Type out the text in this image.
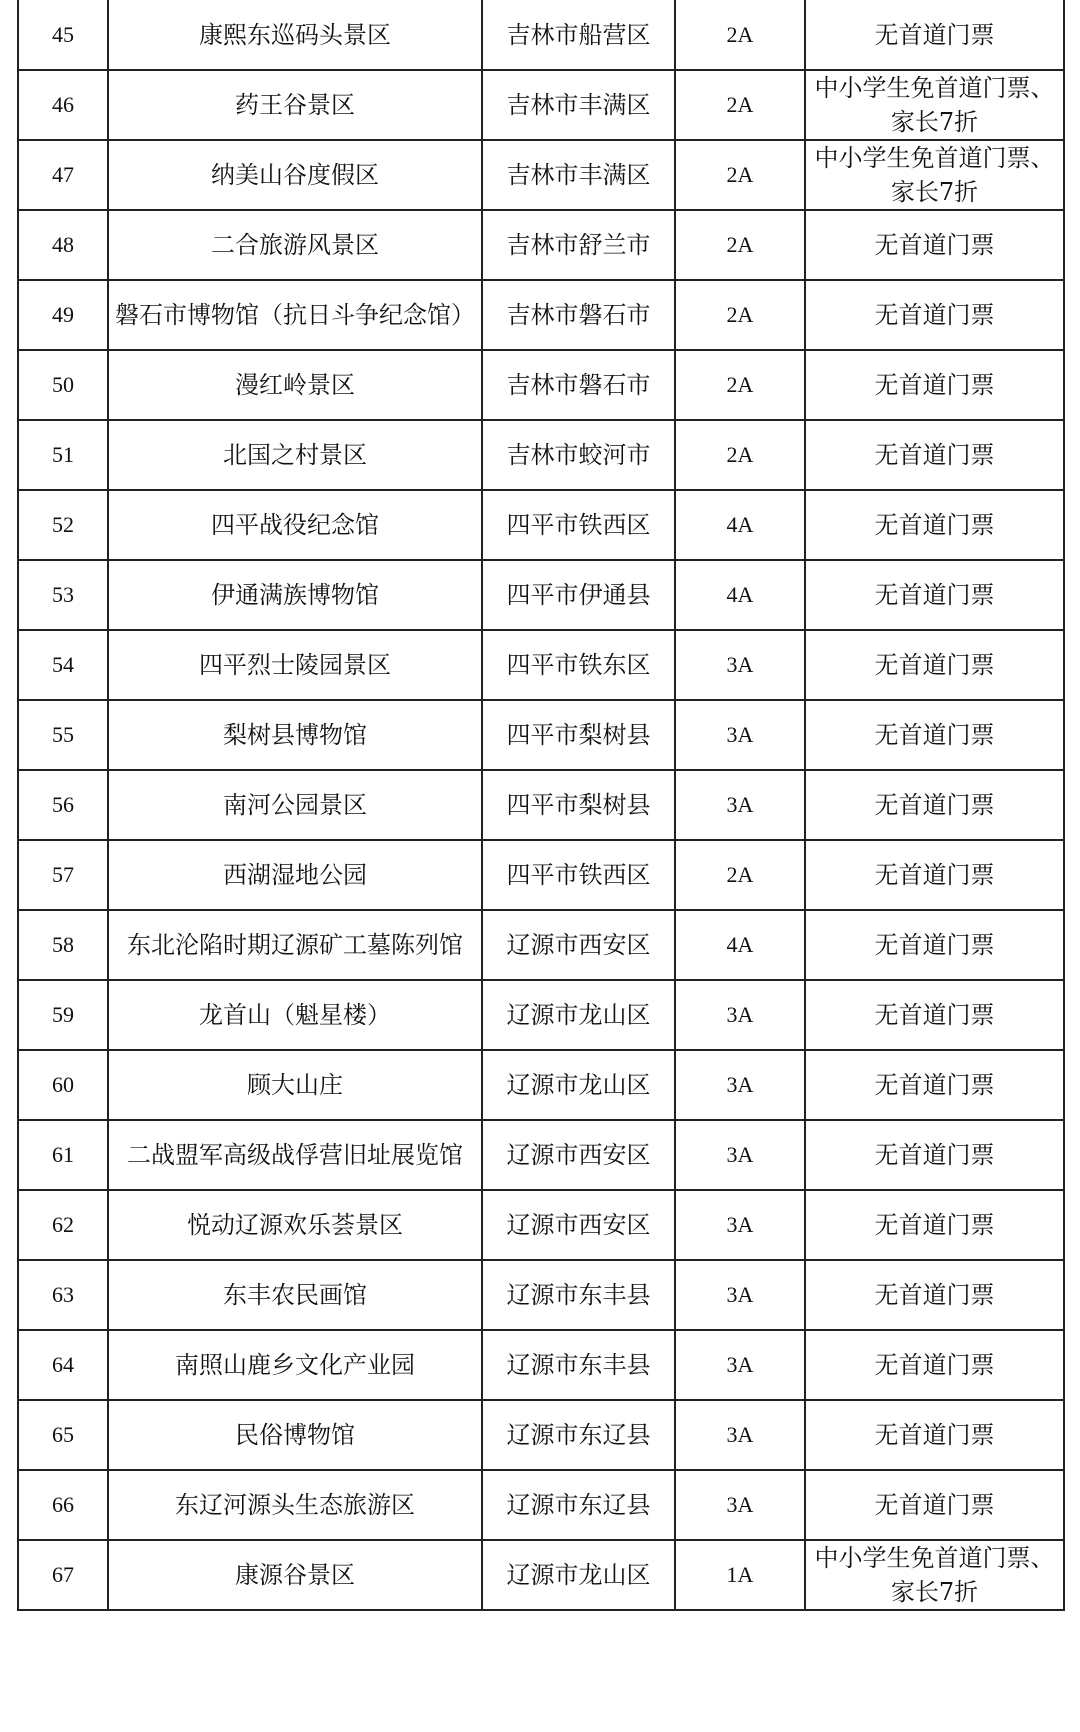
45	康熙东巡码头景区	吉林市船营区	2A	无首道门票
46	药王谷景区	吉林市丰满区	2A	中小学生免首道门票、家长7折
47	纳美山谷度假区	吉林市丰满区	2A	中小学生免首道门票、家长7折
48	二合旅游风景区	吉林市舒兰市	2A	无首道门票
49	磐石市博物馆（抗日斗争纪念馆）	吉林市磐石市	2A	无首道门票
50	漫红岭景区	吉林市磐石市	2A	无首道门票
51	北国之村景区	吉林市蛟河市	2A	无首道门票
52	四平战役纪念馆	四平市铁西区	4A	无首道门票
53	伊通满族博物馆	四平市伊通县	4A	无首道门票
54	四平烈士陵园景区	四平市铁东区	3A	无首道门票
55	梨树县博物馆	四平市梨树县	3A	无首道门票
56	南河公园景区	四平市梨树县	3A	无首道门票
57	西湖湿地公园	四平市铁西区	2A	无首道门票
58	东北沦陷时期辽源矿工墓陈列馆	辽源市西安区	4A	无首道门票
59	龙首山（魁星楼）	辽源市龙山区	3A	无首道门票
60	顾大山庄	辽源市龙山区	3A	无首道门票
61	二战盟军高级战俘营旧址展览馆	辽源市西安区	3A	无首道门票
62	悦动辽源欢乐荟景区	辽源市西安区	3A	无首道门票
63	东丰农民画馆	辽源市东丰县	3A	无首道门票
64	南照山鹿乡文化产业园	辽源市东丰县	3A	无首道门票
65	民俗博物馆	辽源市东辽县	3A	无首道门票
66	东辽河源头生态旅游区	辽源市东辽县	3A	无首道门票
67	康源谷景区	辽源市龙山区	1A	中小学生免首道门票、家长7折
